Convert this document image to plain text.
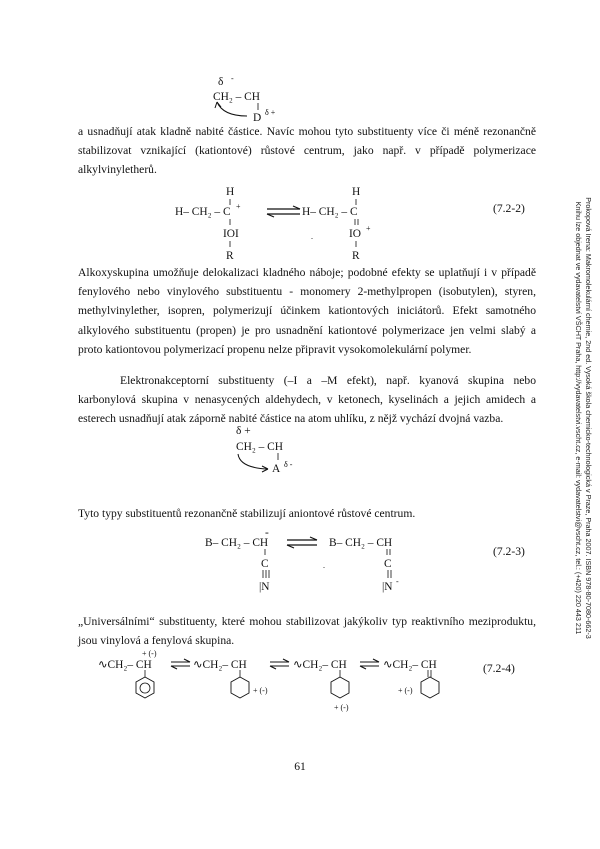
δ -
CH₂ – CH
D δ +

a usnadňují atak kladně nabité částice. Navíc mohou tyto substituenty více či méně rezonančně stabilizovat vznikající (kationtové) růstové centrum, jako např. v případě polymerizace alkylvinyletherů.

H
H– CH₂ – C +
IOI
R
.
H
H– CH₂ – C
IO +
R
(7.2-2)

Alkoxyskupina umožňuje delokalizaci kladného náboje; podobné efekty se uplatňují i v případě fenylového nebo vinylového substituentu - monomery 2-methylpropen (isobutylen), styren, methylvinylether, isopren, polymerizují účinkem kationtových iniciátorů. Efekt samotného alkylového substituentu (propen) je pro usnadnění kationtové polymerizace jen velmi slabý a proto kationtovou polymerizací propenu nelze připravit vysokomolekulární polymer.

Elektronakceptorní substituenty (–I a –M efekt), např. kyanová skupina nebo karbonylová skupina v nenasycených aldehydech, v ketonech, kyselinách a jejich amidech a esterech usnadňují atak záporně nabité částice na atom uhlíku, z nějž vychází dvojná vazba.

δ +
CH₂ – CH
A δ -

Tyto typy substituentů rezonančně stabilizují aniontové růstové centrum.

B– CH₂ – CH
-
C
|N
B– CH₂ – CH
.	C
|N -
(7.2-3)

„Universálními“ substituenty, které mohou stabilizovat jakýkoliv typ reaktivního meziproduktu, jsou vinylová a fenylová skupina.

+ (-)
∿CH₂– CH	∿CH₂– CH
+ (-)
∿CH₂– CH
+ (-)
∿CH₂– CH
+ (-)
(7.2-4)
61
Prokopová Irena: Makromolekulární chemie, 2nd ed. Vysoká škola chemicko-technologická v Praze, Praha 2007. ISBN 978-80-7080-662-3
Knihu lze objednat ve vydavatelství VŠCHT Praha, http://vydavatelstvi.vscht.cz, e-mail: vydavatelstvi@vscht.cz, tel.: (+420) 220 443 211
